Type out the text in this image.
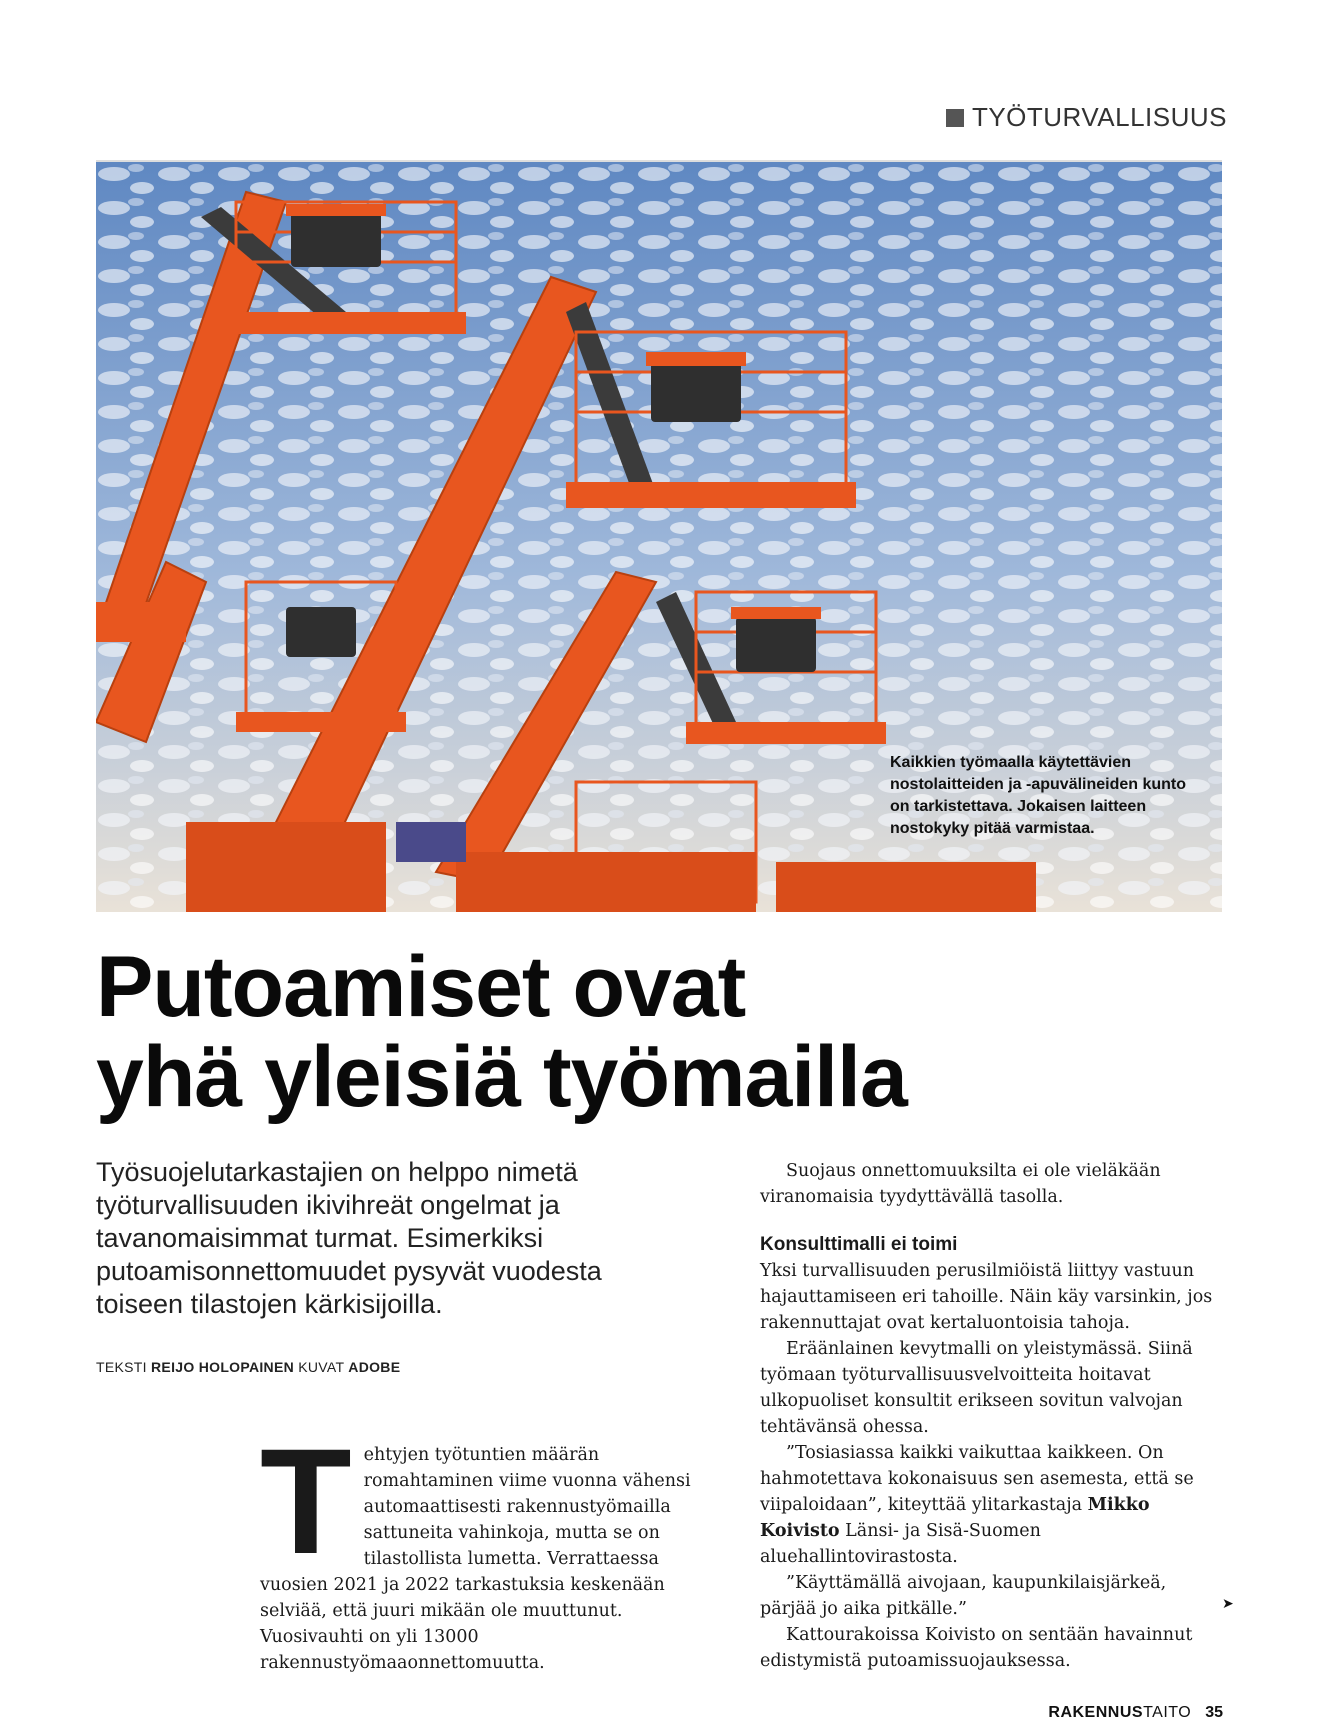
TYÖTURVALLISUUS
Kaikkien työmaalla käytettävien nostolaitteiden ja -apuvälineiden kunto on tarkistettava. Jokaisen laitteen nostokyky pitää varmistaa.
Putoamiset ovat
yhä yleisiä työmailla

Työsuojelutarkastajien on helppo nimetä työturvallisuuden ikivihreät ongelmat ja tavanomaisimmat turmat. Esimerkiksi putoamisonnettomuudet pysyvät vuodesta toiseen tilastojen kärkisijoilla.

TEKSTI REIJO HOLOPAINEN KUVAT ADOBE
T ehtyjen työtuntien määrän romahtaminen viime vuonna vähensi automaattisesti rakennustyömailla sattuneita vahinkoja, mutta se on tilastollista lumetta. Verrattaessa vuosien 2021 ja 2022 tarkastuksia keskenään selviää, että juuri mikään ole muuttunut. Vuosivauhti on yli 13000 rakennustyömaaonnettomuutta.

Suojaus onnettomuuksilta ei ole vieläkään viranomaisia tyydyttävällä tasolla.

Konsulttimalli ei toimi

Yksi turvallisuuden perusilmiöistä liittyy vastuun hajauttamiseen eri tahoille. Näin käy varsinkin, jos rakennuttajat ovat kertaluontoisia tahoja.

Eräänlainen kevytmalli on yleistymässä. Siinä työmaan työturvallisuusvelvoitteita hoitavat ulkopuoliset konsultit erikseen sovitun valvojan tehtävänsä ohessa.

”Tosiasiassa kaikki vaikuttaa kaikkeen. On hahmotettava kokonaisuus sen asemesta, että se viipaloidaan”, kiteyttää ylitarkastaja Mikko Koivisto Länsi- ja Sisä-Suomen aluehallintovirastosta.

”Käyttämällä aivojaan, kaupunkilaisjärkeä, pärjää jo aika pitkälle.”

Kattourakoissa Koivisto on sentään havainnut edistymistä putoamissuojauksessa.

➤
RAKENNUSTAITO 35
